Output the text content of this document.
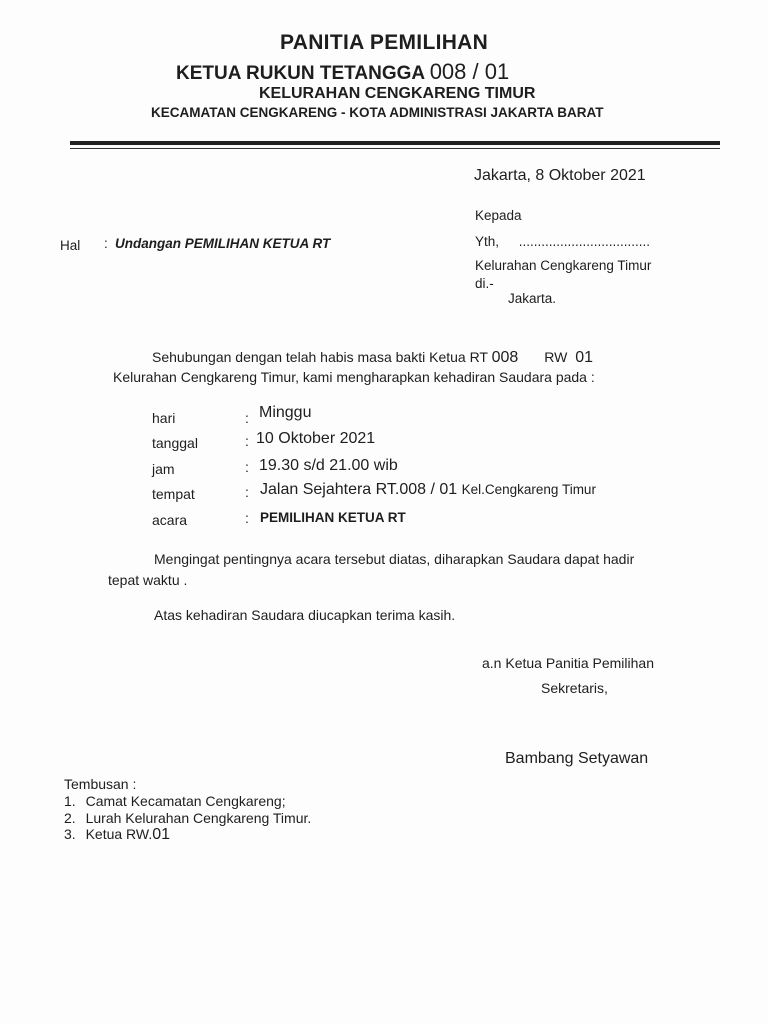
PANITIA PEMILIHAN
KETUA RUKUN TETANGGA 008 / 01
KELURAHAN CENGKARENG TIMUR
KECAMATAN CENGKARENG - KOTA ADMINISTRASI JAKARTA BARAT
Jakarta, 8 Oktober 2021
Kepada
Yth, ...................................
Kelurahan Cengkareng Timur
di.-
Jakarta.
Hal : Undangan PEMILIHAN KETUA RT
Sehubungan dengan telah habis masa bakti Ketua RT 008 RW 01
Kelurahan Cengkareng Timur, kami mengharapkan kehadiran Saudara pada :
hari	: Minggu
tanggal	: 10 Oktober 2021
jam	: 19.30 s/d 21.00 wib
tempat	: Jalan Sejahtera RT.008 / 01 Kel.Cengkareng Timur
acara	: PEMILIHAN KETUA RT
Mengingat pentingnya acara tersebut diatas, diharapkan Saudara dapat hadir
tepat waktu .
Atas kehadiran Saudara diucapkan terima kasih.
a.n Ketua Panitia Pemilihan
Sekretaris,
Bambang Setyawan
Tembusan :
1. Camat Kecamatan Cengkareng;
2. Lurah Kelurahan Cengkareng Timur.
3. Ketua RW.01
